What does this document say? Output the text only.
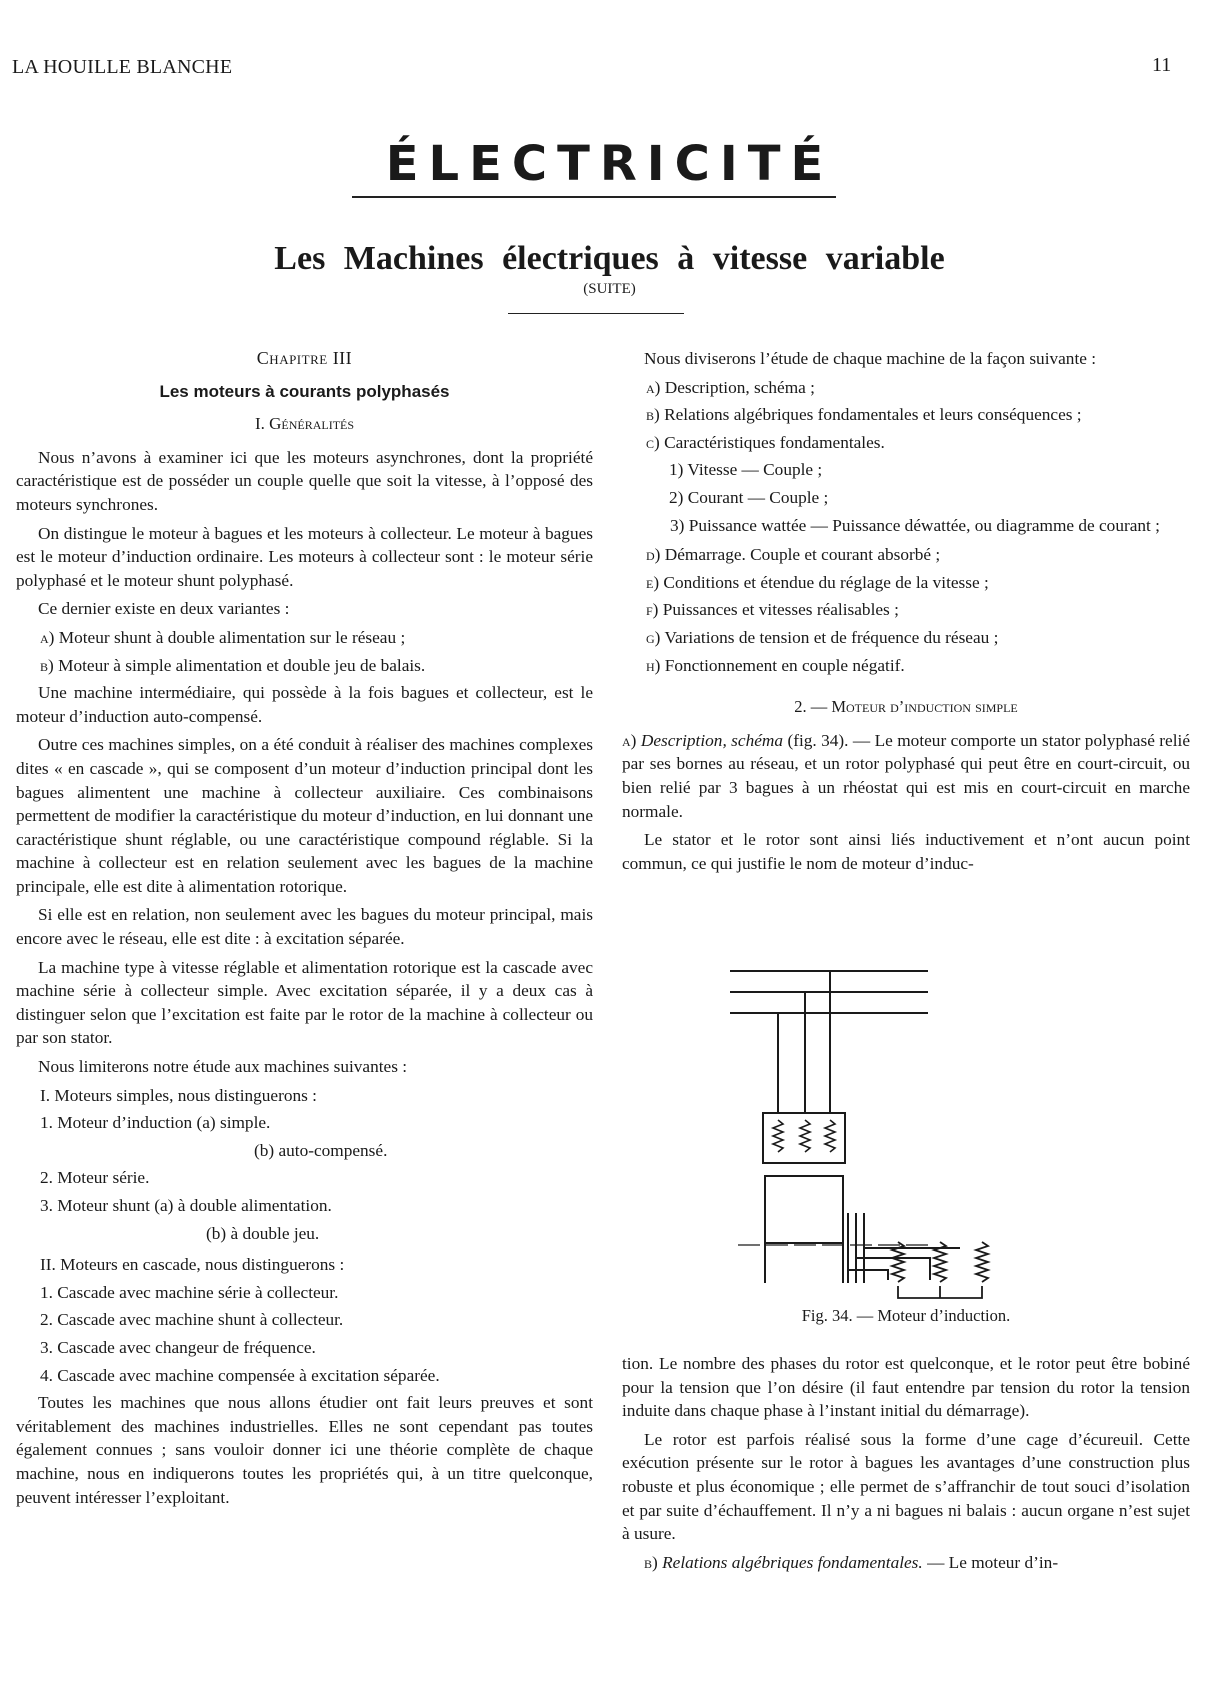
LA HOUILLE BLANCHE	11
ÉLECTRICITÉ
Les Machines électriques à vitesse variable
(SUITE)
Chapitre III
Les moteurs à courants polyphasés
I. Généralités

Nous n’avons à examiner ici que les moteurs asynchrones, dont la propriété caractéristique est de posséder un couple quelle que soit la vitesse, à l’opposé des moteurs synchrones.

On distingue le moteur à bagues et les moteurs à collecteur. Le moteur à bagues est le moteur d’induction ordinaire. Les moteurs à collecteur sont : le moteur série polyphasé et le moteur shunt polyphasé.

Ce dernier existe en deux variantes :

a) Moteur shunt à double alimentation sur le réseau ;
b) Moteur à simple alimentation et double jeu de balais.

Une machine intermédiaire, qui possède à la fois bagues et collecteur, est le moteur d’induction auto-compensé.

Outre ces machines simples, on a été conduit à réaliser des machines complexes dites « en cascade », qui se composent d’un moteur d’induction principal dont les bagues alimentent une machine à collecteur auxiliaire. Ces combinaisons permettent de modifier la caractéristique du moteur d’induction, en lui donnant une caractéristique shunt réglable, ou une caractéristique compound réglable. Si la machine à collecteur est en relation seulement avec les bagues de la machine principale, elle est dite à alimentation rotorique.

Si elle est en relation, non seulement avec les bagues du moteur principal, mais encore avec le réseau, elle est dite : à excitation séparée.

La machine type à vitesse réglable et alimentation rotorique est la cascade avec machine série à collecteur simple. Avec excitation séparée, il y a deux cas à distinguer selon que l’excitation est faite par le rotor de la machine à collecteur ou par son stator.

Nous limiterons notre étude aux machines suivantes :

I. Moteurs simples, nous distinguerons :
1. Moteur d’induction (a) simple.
(b) auto-compensé.
2. Moteur série.
3. Moteur shunt (a) à double alimentation.
(b) à double jeu.
II. Moteurs en cascade, nous distinguerons :
1. Cascade avec machine série à collecteur.
2. Cascade avec machine shunt à collecteur.
3. Cascade avec changeur de fréquence.
4. Cascade avec machine compensée à excitation séparée.

Toutes les machines que nous allons étudier ont fait leurs preuves et sont véritablement des machines industrielles. Elles ne sont cependant pas toutes également connues ; sans vouloir donner ici une théorie complète de chaque machine, nous en indiquerons toutes les propriétés qui, à un titre quelconque, peuvent intéresser l’exploitant.

Nous diviserons l’étude de chaque machine de la façon suivante :

a) Description, schéma ;
b) Relations algébriques fondamentales et leurs conséquences ;
c) Caractéristiques fondamentales.
1) Vitesse — Couple ;
2) Courant — Couple ;
3) Puissance wattée — Puissance déwattée, ou diagramme de courant ;
d) Démarrage. Couple et courant absorbé ;
e) Conditions et étendue du réglage de la vitesse ;
f) Puissances et vitesses réalisables ;
g) Variations de tension et de fréquence du réseau ;
h) Fonctionnement en couple négatif.
2. — Moteur d’induction simple

a) Description, schéma (fig. 34). — Le moteur comporte un stator polyphasé relié par ses bornes au réseau, et un rotor polyphasé qui peut être en court-circuit, ou bien relié par 3 bagues à un rhéostat qui est mis en court-circuit en marche normale.

Le stator et le rotor sont ainsi liés inductivement et n’ont aucun point commun, ce qui justifie le nom de moteur d’induc-

Fig. 34. — Moteur d’induction.

tion. Le nombre des phases du rotor est quelconque, et le rotor peut être bobiné pour la tension que l’on désire (il faut entendre par tension du rotor la tension induite dans chaque phase à l’instant initial du démarrage).

Le rotor est parfois réalisé sous la forme d’une cage d’écureuil. Cette exécution présente sur le rotor à bagues les avantages d’une construction plus robuste et plus économique ; elle permet de s’affranchir de tout souci d’isolation et par suite d’échauffement. Il n’y a ni bagues ni balais : aucun organe n’est sujet à usure.

b) Relations algébriques fondamentales. — Le moteur d’in-
